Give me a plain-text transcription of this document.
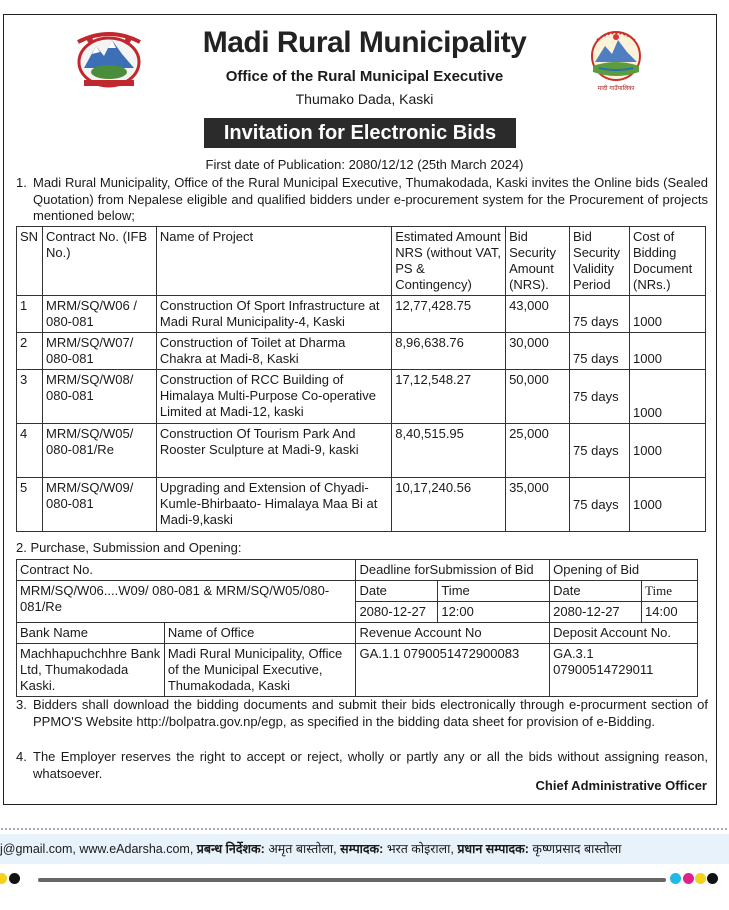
मादी गाउँपालिका
Madi Rural Municipality
Office of the Rural Municipal Executive
Thumako Dada, Kaski
Invitation for Electronic Bids
First date of Publication: 2080/12/12 (25th March 2024)
1. Madi Rural Municipality, Office of the Rural Municipal Executive, Thumakodada, Kaski invites the Online bids (Sealed Quotation) from Nepalese eligible and qualified bidders under e-procurement system for the Procurement of projects mentioned below;
SN	Contract No. (IFB No.)	Name of Project	Estimated Amount NRS (without VAT, PS & Contingency)	Bid Security Amount (NRS).	Bid Security Validity Period	Cost of Bidding Document (NRs.)
1	MRM/SQ/W06 / 080-081	Construction Of Sport Infrastructure at Madi Rural Municipality-4, Kaski	12,77,428.75	43,000	75 days	1000
2	MRM/SQ/W07/ 080-081	Construction of Toilet at Dharma Chakra at Madi-8, Kaski	8,96,638.76	30,000	75 days	1000
3	MRM/SQ/W08/ 080-081	Construction of RCC Building of Himalaya Multi-Purpose Co-operative Limited at Madi-12, kaski	17,12,548.27	50,000	75 days	1000
4	MRM/SQ/W05/ 080-081/Re	Construction Of Tourism Park And Rooster Sculpture at Madi-9, kaski	8,40,515.95	25,000	75 days	1000
5	MRM/SQ/W09/ 080-081	Upgrading and Extension of Chyadi-Kumle-Bhirbaato- Himalaya Maa Bi at Madi-9,kaski	10,17,240.56	35,000	75 days	1000
2. Purchase, Submission and Opening:
Contract No.		Deadline forSubmission of Bid		Opening of Bid	
MRM/SQ/W06....W09/ 080-081 & MRM/SQ/W05/080-081/Re		Date	Time	Date	Time
		2080-12-27	12:00	2080-12-27	14:00
Bank Name	Name of Office	Revenue Account No		Deposit Account No.	
Machhapuchchhre Bank Ltd, Thumakodada Kaski.	Madi Rural Municipality, Office of the Municipal Executive, Thumakodada, Kaski	GA.1.1 0790051472900083		GA.3.1 07900514729011	
3. Bidders shall download the bidding documents and submit their bids electronically through e-procurment section of PPMO'S Website http://bolpatra.gov.np/egp, as specified in the bidding data sheet for provision of e-Bidding.
4. The Employer reserves the right to accept or reject, wholly or partly any or all the bids without assigning reason, whatsoever.
Chief Administrative Officer
j@gmail.com, www.eAdarsha.com, प्रबन्ध निर्देशक: अमृत बास्तोला, सम्पादक: भरत कोइराला, प्रधान सम्पादक: कृष्णप्रसाद बास्तोला
